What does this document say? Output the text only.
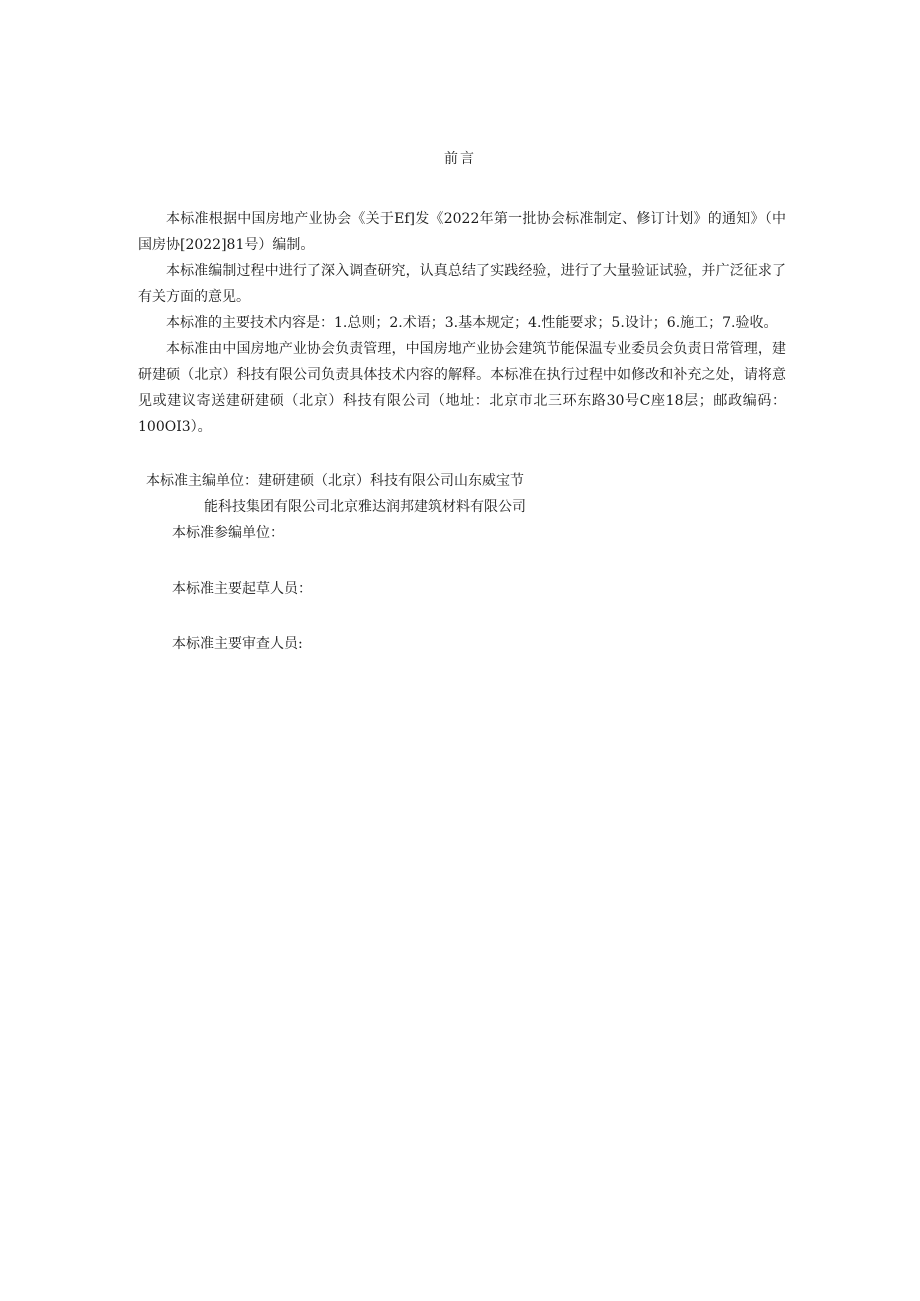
前言

本标准根据中国房地产业协会《关于Ef]发《2022年第一批协会标准制定、修订计划》的通知》（中国房协[2022]81号）编制。

本标准编制过程中进行了深入调查研究，认真总结了实践经验，进行了大量验证试验，并广泛征求了有关方面的意见。

本标准的主要技术内容是：1.总则；2.术语；3.基本规定；4.性能要求；5.设计；6.施工；7.验收。

本标准由中国房地产业协会负责管理，中国房地产业协会建筑节能保温专业委员会负责日常管理，建研建硕（北京）科技有限公司负责具体技术内容的解释。本标准在执行过程中如修改和补充之处，请将意见或建议寄送建研建硕（北京）科技有限公司（地址：北京市北三环东路30号C座18层；邮政编码：100OI3）。

本标准主编单位：建研建硕（北京）科技有限公司山东威宝节
能科技集团有限公司北京雅达润邦建筑材料有限公司
本标准参编单位：
本标准主要起草人员：
本标准主要审查人员:
